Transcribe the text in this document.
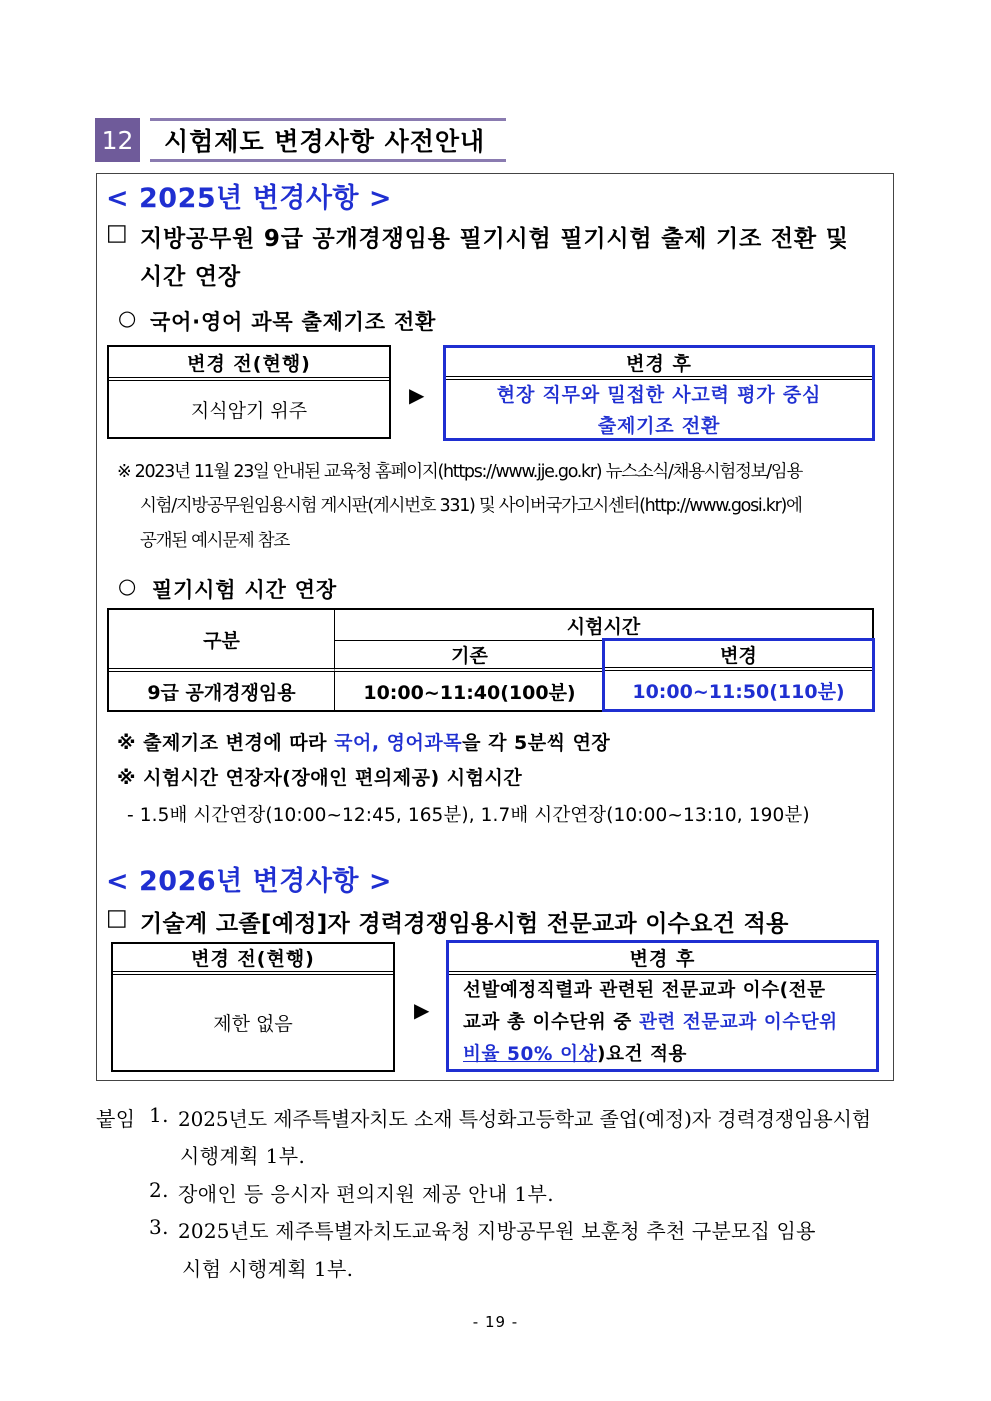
12	시험제도 변경사항 사전안내
< 2025년 변경사항 >
□ 지방공무원 9급 공개경쟁임용 필기시험 필기시험 출제 기조 전환 및
시간 연장
○ 국어·영어 과목 출제기조 전환
변경 전(현행)
지식암기 위주
▶
변경 후
현장 직무와 밀접한 사고력 평가 중심
출제기조 전환
※ 2023년 11월 23일 안내된 교육청 홈페이지(https://www.jje.go.kr) 뉴스소식/채용시험정보/임용
시험/지방공무원임용시험 게시판(게시번호 331) 및 사이버국가고시센터(http://www.gosi.kr)에
공개된 예시문제 참조
○ 필기시험 시간 연장
구분
시험시간
기존
10:00~11:40(100분)
9급 공개경쟁임용
변경
10:00~11:50(110분)
※ 출제기조 변경에 따라 국어, 영어과목을 각 5분씩 연장
※ 시험시간 연장자(장애인 편의제공) 시험시간
- 1.5배 시간연장(10:00~12:45, 165분), 1.7배 시간연장(10:00~13:10, 190분)
< 2026년 변경사항 >
□ 기술계 고졸[예정]자 경력경쟁임용시험 전문교과 이수요건 적용
변경 전(현행)
제한 없음
▶
변경 후
선발예정직렬과 관련된 전문교과 이수(전문
교과 총 이수단위 중 관련 전문교과 이수단위
비율 50% 이상)요건 적용
붙임 1. 2025년도 제주특별자치도 소재 특성화고등학교 졸업(예정)자 경력경쟁임용시험
시행계획 1부.
2. 장애인 등 응시자 편의지원 제공 안내 1부.
3. 2025년도 제주특별자치도교육청 지방공무원 보훈청 추천 구분모집 임용
시험 시행계획 1부.
- 19 -
